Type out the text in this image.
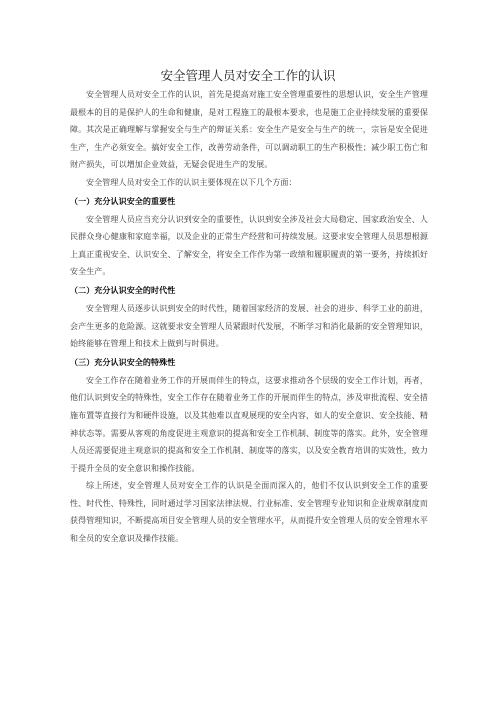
安全管理人员对安全工作的认识

安全管理人员对安全工作的认识，首先是提高对施工安全管理重要性的思想认识，安全生产管理最根本的目的是保护人的生命和健康，是对工程施工的最根本要求，也是施工企业持续发展的重要保障。其次是正确理解与掌握安全与生产的辩证关系：安全生产是安全与生产的统一，宗旨是安全促进生产，生产必须安全。搞好安全工作，改善劳动条件，可以调动职工的生产积极性；减少职工伤亡和财产损失，可以增加企业效益，无疑会促进生产的发展。

安全管理人员对安全工作的认识主要体现在以下几个方面：

（一）充分认识安全的重要性

安全管理人员应当充分认识到安全的重要性，认识到安全涉及社会大局稳定、国家政治安全、人民群众身心健康和家庭幸福，以及企业的正常生产经营和可持续发展。这要求安全管理人员思想根源上真正重视安全、认识安全、了解安全，将安全工作作为第一政绩和履职履责的第一要务，持续抓好安全生产。

（二）充分认识安全的时代性

安全管理人员逐步认识到安全的时代性，随着国家经济的发展、社会的进步、科学工业的前进，会产生更多的危险源。这就要求安全管理人员紧跟时代发展，不断学习和消化最新的安全管理知识，始终能够在管理上和技术上做到与时俱进。

（三）充分认识安全的特殊性

安全工作存在随着业务工作的开展而伴生的特点，这要求推动各个层级的安全工作计划，再者，他们认识到安全的特殊性，安全工作存在随着业务工作的开展而伴生的特点，涉及审批流程、安全措施布置等直接行为和硬件设施，以及其他难以直观展现的安全内容，如人的安全意识、安全技能、精神状态等。需要从客观的角度促进主观意识的提高和安全工作机制、制度等的落实。此外，安全管理人员还需要促进主观意识的提高和安全工作机制、制度等的落实，以及安全教育培训的实效性，致力于提升全员的安全意识和操作技能。

综上所述，安全管理人员对安全工作的认识是全面而深入的，他们不仅认识到安全工作的重要性、时代性、特殊性，同时通过学习国家法律法规、行业标准、安全管理专业知识和企业规章制度而获得管理知识，不断提高项目安全管理人员的安全管理水平，从而提升安全管理人员的安全管理水平和全员的安全意识及操作技能。
